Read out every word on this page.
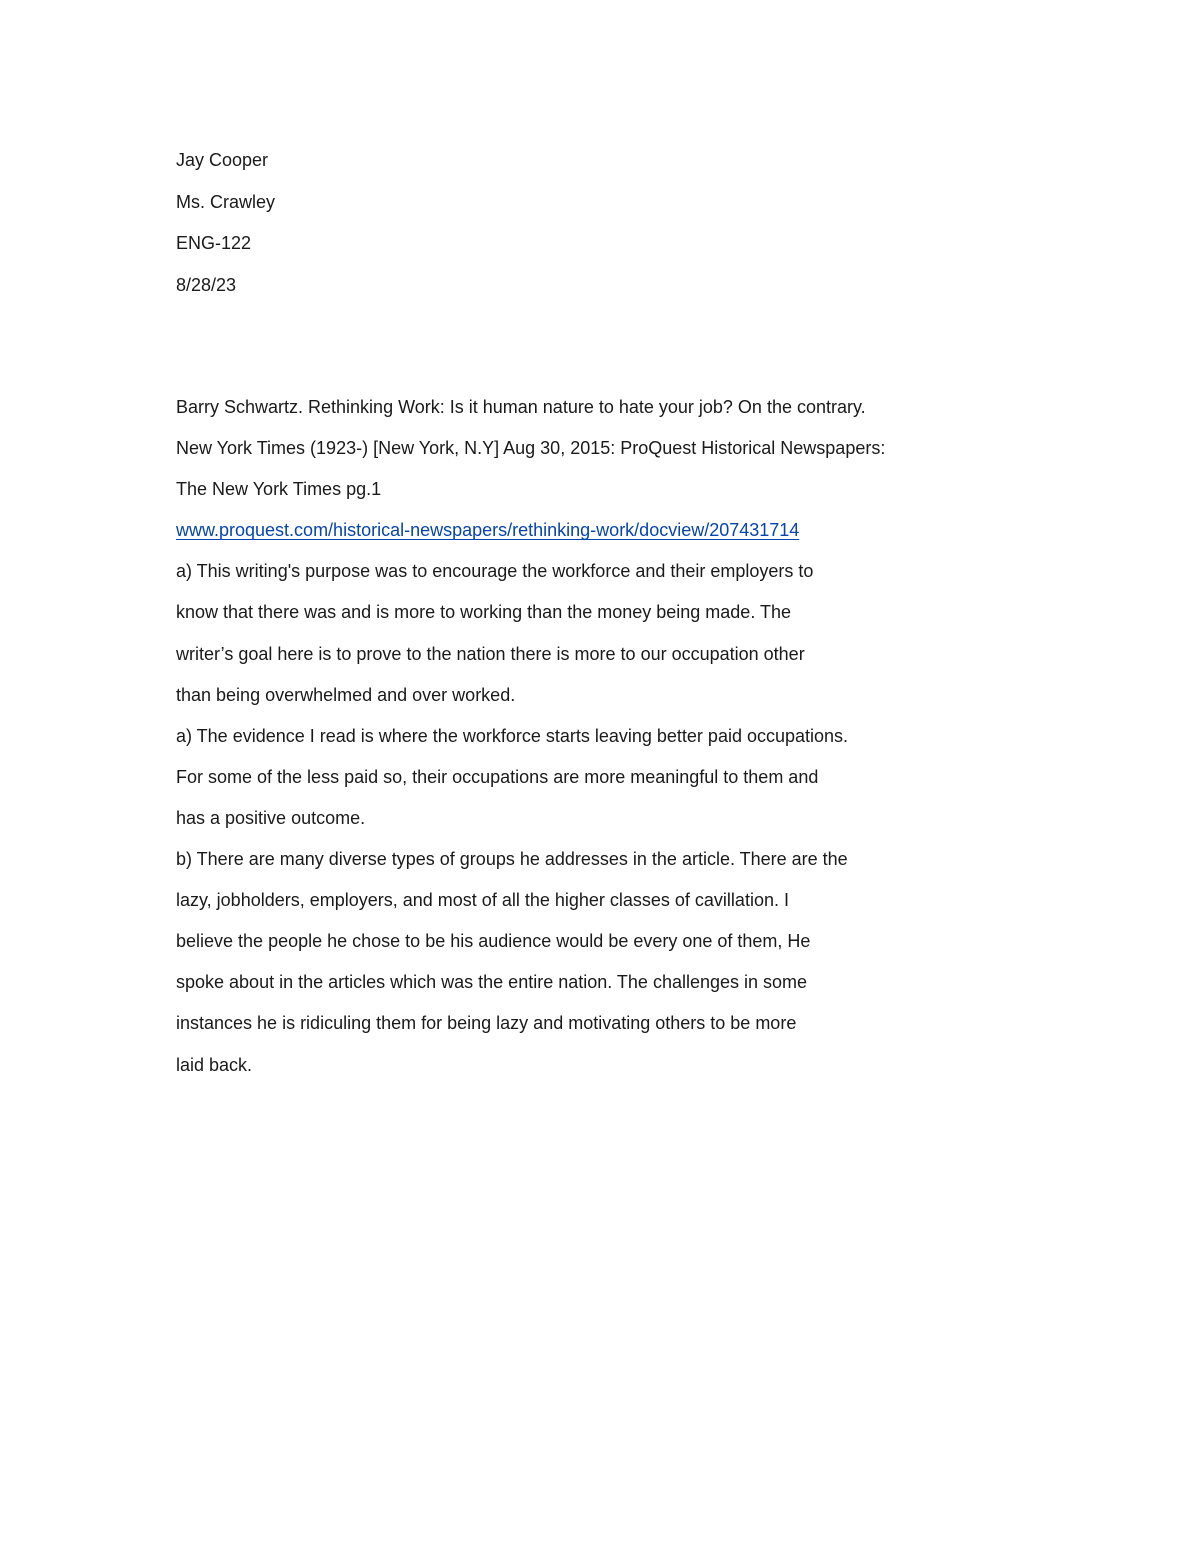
Jay Cooper
Ms. Crawley
ENG-122
8/28/23
Barry Schwartz. Rethinking Work: Is it human nature to hate your job? On the contrary.
New York Times (1923-) [New York, N.Y] Aug 30, 2015: ProQuest Historical Newspapers:
The New York Times pg.1
www.proquest.com/historical-newspapers/rethinking-work/docview/207431714
a) This writing's purpose was to encourage the workforce and their employers to
know that there was and is more to working than the money being made. The
writer’s goal here is to prove to the nation there is more to our occupation other
than being overwhelmed and over worked.
a) The evidence I read is where the workforce starts leaving better paid occupations.
For some of the less paid so, their occupations are more meaningful to them and
has a positive outcome.
b) There are many diverse types of groups he addresses in the article. There are the
lazy, jobholders, employers, and most of all the higher classes of cavillation. I
believe the people he chose to be his audience would be every one of them, He
spoke about in the articles which was the entire nation. The challenges in some
instances he is ridiculing them for being lazy and motivating others to be more
laid back.
